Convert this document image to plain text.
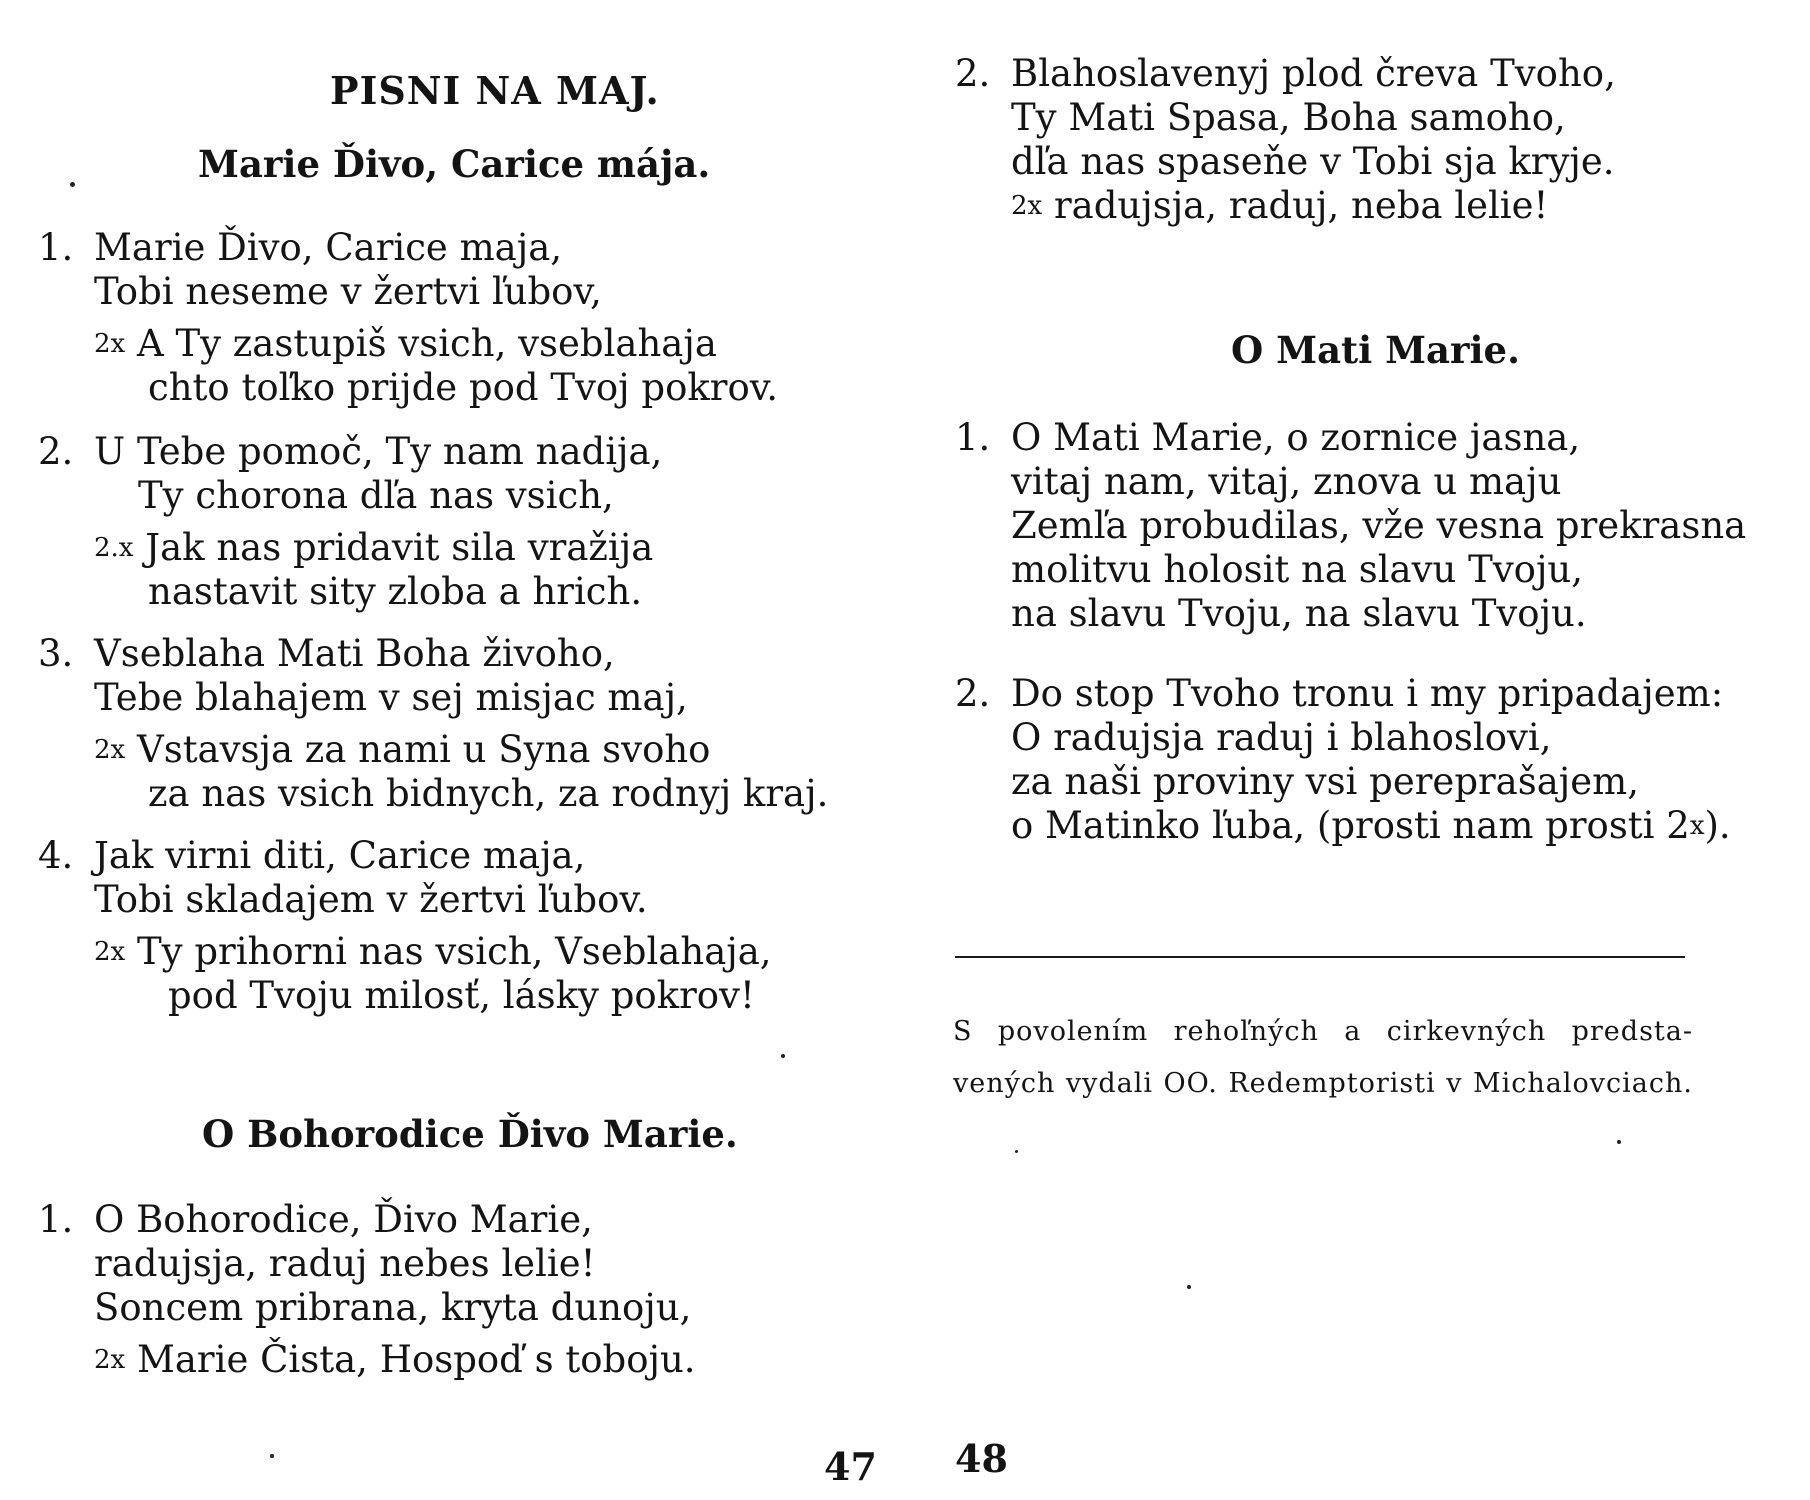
PISNI NA MAJ.
Marie Ďivo, Carice mája.
1. Marie Ďivo, Carice maja,
Tobi neseme v žertvi ľubov,
2x A Ty zastupiš vsich, vseblahaja
chto toľko prijde pod Tvoj pokrov.
2. U Tebe pomoč, Ty nam nadija,
Ty chorona dľa nas vsich,
2.x Jak nas pridavit sila vražija
nastavit sity zloba a hrich.
3. Vseblaha Mati Boha živoho,
Tebe blahajem v sej misjac maj,
2x Vstavsja za nami u Syna svoho
za nas vsich bidnych, za rodnyj kraj.
4. Jak virni diti, Carice maja,
Tobi skladajem v žertvi ľubov.
2x Ty prihorni nas vsich, Vseblahaja,
pod Tvoju milosť, lásky pokrov!
O Bohorodice Ďivo Marie.
1. O Bohorodice, Ďivo Marie,
radujsja, raduj nebes lelie!
Soncem pribrana, kryta dunoju,
2x Marie Čista, Hospoď s toboju.
47
2. Blahoslavenyj plod čreva Tvoho,
Ty Mati Spasa, Boha samoho,
dľa nas spaseňe v Tobi sja kryje.
2x radujsja, raduj, neba lelie!
O Mati Marie.
1. O Mati Marie, o zornice jasna,
vitaj nam, vitaj, znova u maju
Zemľa probudilas, vže vesna prekrasna
molitvu holosit na slavu Tvoju,
na slavu Tvoju, na slavu Tvoju.
2. Do stop Tvoho tronu i my pripadajem:
O radujsja raduj i blahoslovi,
za naši proviny vsi pereprašajem,
o Matinko ľuba, (prosti nam prosti 2x).
S povolením rehoľných a cirkevných predsta-
vených vydali OO. Redemptoristi v Michalovciach.
48
